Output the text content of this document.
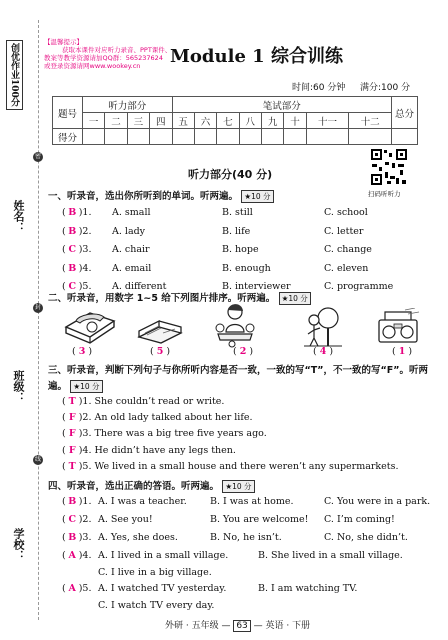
创优作业100分
姓名：
班级：
学校：
密
封
线
【温馨提示】
获取本课件对应听力录音、PPT课件、
教案等教学资源请加QQ群：565237624
或登录资源请网www.wookey.cn	Module 1 综合训练
时间:60 分钟 满分:100 分
题号	听力部分				笔试部分								总分
	一	二	三	四	五	六	七	八	九	十	十一	十二	
得分													
扫码听听力
听力部分(40 分)
一、听录音，选出你所听到的单词。听两遍。 ★10 分
( B )1. A. small	B. still	C. school
( B )2. A. lady	B. life	C. letter
( C )3. A. chair	B. hope	C. change
( B )4. A. email	B. enough	C. eleven
( C )5. A. different	B. interviewer	C. programme
二、听录音，用数字 1~5 给下列图片排序。听两遍。 ★10 分
( 3 )	( 5 )	( 2 )	( 4 )	( 1 )
三、听录音，判断下列句子与你所听内容是否一致，一致的写“T”，不一致的写“F”。听两
遍。 ★10 分
( T )1. She couldn’t read or write.
( F )2. An old lady talked about her life.
( F )3. There was a big tree five years ago.
( F )4. He didn’t have any legs then.
( T )5. We lived in a small house and there weren’t any supermarkets.
四、听录音，选出正确的答语。听两遍。 ★10 分
( B )1. A. I was a teacher. B. I was at home.	C. You were in a park.
( C )2. A. See you!	B. You are welcome! C. I’m coming!
( B )3. A. Yes, she does.	B. No, he isn’t.	C. No, she didn’t.
( A )4. A. I lived in a small village.	B. She lived in a small village.
C. I live in a big village.
( A )5. A. I watched TV yesterday.	B. I am watching TV.
C. I watch TV every day.
外研 · 五年级 — 63 — 英语 · 下册
